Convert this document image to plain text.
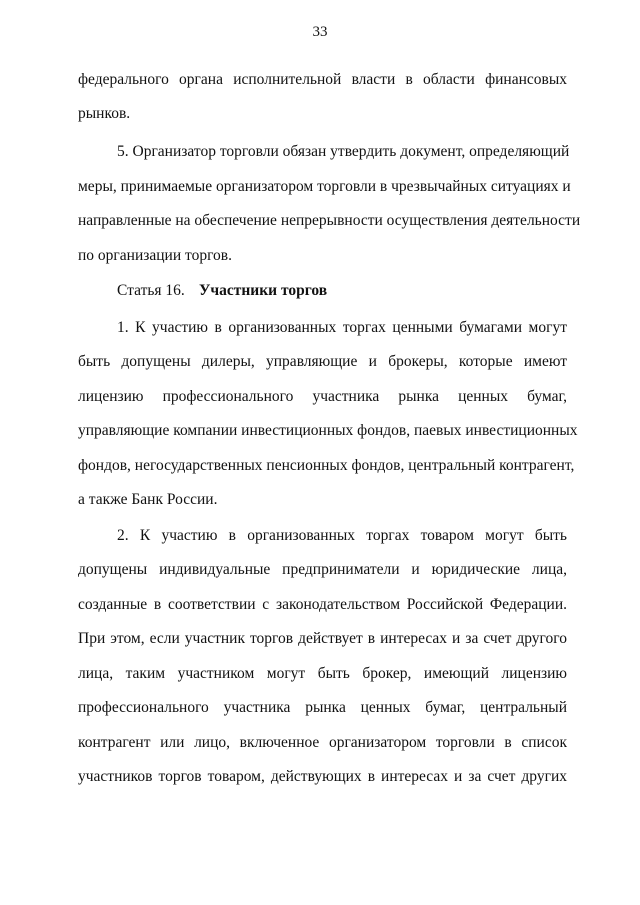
33
федерального органа исполнительной власти в области финансовых
рынков.
5. Организатор торговли обязан утвердить документ, определяющий
меры, принимаемые организатором торговли в чрезвычайных ситуациях и
направленные на обеспечение непрерывности осуществления деятельности
по организации торгов.
Статья 16. Участники торгов
1. К участию в организованных торгах ценными бумагами могут
быть допущены дилеры, управляющие и брокеры, которые имеют
лицензию профессионального участника рынка ценных бумаг,
управляющие компании инвестиционных фондов, паевых инвестиционных
фондов, негосударственных пенсионных фондов, центральный контрагент,
а также Банк России.
2. К участию в организованных торгах товаром могут быть
допущены индивидуальные предприниматели и юридические лица,
созданные в соответствии с законодательством Российской Федерации.
При этом, если участник торгов действует в интересах и за счет другого
лица, таким участником могут быть брокер, имеющий лицензию
профессионального участника рынка ценных бумаг, центральный
контрагент или лицо, включенное организатором торговли в список
участников торгов товаром, действующих в интересах и за счет других
